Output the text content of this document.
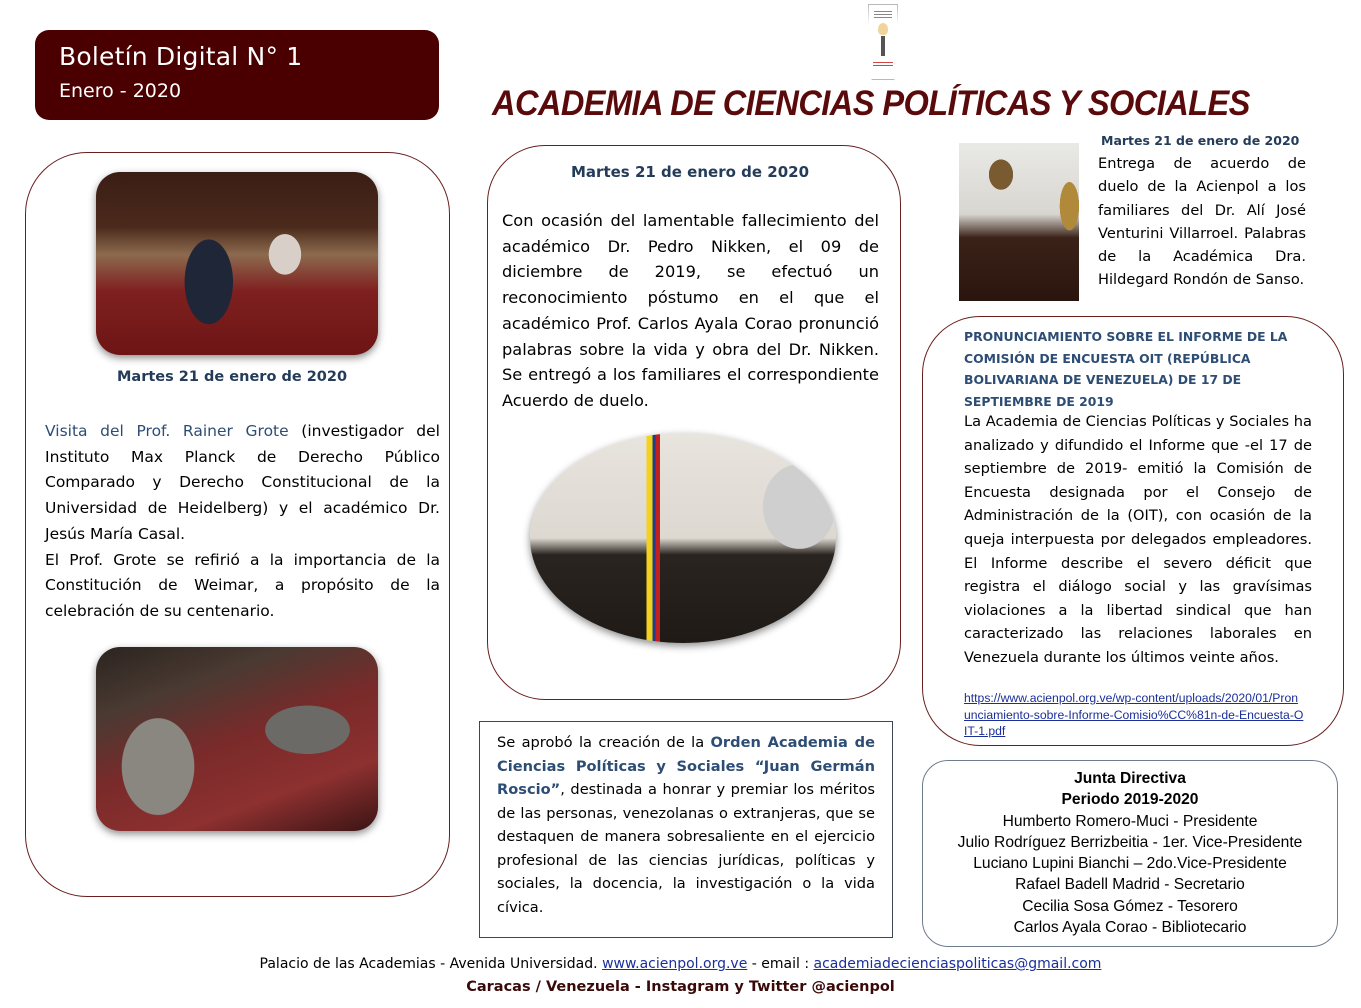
Boletín Digital N° 1
Enero - 2020	ACADEMIA DE CIENCIAS POLÍTICAS Y SOCIALES
Martes 21 de enero de 2020
Visita del Prof. Rainer Grote (investigador del Instituto Max Planck de Derecho Público Comparado y Derecho Constitucional de la Universidad de Heidelberg) y el académico Dr. Jesús María Casal.
El Prof. Grote se refirió a la importancia de la Constitución de Weimar, a propósito de la celebración de su centenario.
Martes 21 de enero de 2020
Con ocasión del lamentable fallecimiento del académico Dr. Pedro Nikken, el 09 de diciembre de 2019, se efectuó un reconocimiento póstumo en el que el académico Prof. Carlos Ayala Corao pronunció palabras sobre la vida y obra del Dr. Nikken. Se entregó a los familiares el correspondiente Acuerdo de duelo.
Se aprobó la creación de la Orden Academia de Ciencias Políticas y Sociales “Juan Germán Roscio”, destinada a honrar y premiar los méritos de las personas, venezolanas o extranjeras, que se destaquen de manera sobresaliente en el ejercicio profesional de las ciencias jurídicas, políticas y sociales, la docencia, la investigación o la vida cívica.
Martes 21 de enero de 2020
Entrega de acuerdo de duelo de la Acienpol a los familiares del Dr. Alí José Venturini Villarroel. Palabras de la Académica Dra. Hildegard Rondón de Sanso.
PRONUNCIAMIENTO SOBRE EL INFORME DE LA COMISIÓN DE ENCUESTA OIT (REPÚBLICA BOLIVARIANA DE VENEZUELA) DE 17 DE SEPTIEMBRE DE 2019
La Academia de Ciencias Políticas y Sociales ha analizado y difundido el Informe que -el 17 de septiembre de 2019- emitió la Comisión de Encuesta designada por el Consejo de Administración de la (OIT), con ocasión de la queja interpuesta por delegados empleadores. El Informe describe el severo déficit que registra el diálogo social y las gravísimas violaciones a la libertad sindical que han caracterizado las relaciones laborales en Venezuela durante los últimos veinte años.
https://www.acienpol.org.ve/wp-content/uploads/2020/01/Pronunciamiento-sobre-Informe-Comisio%CC%81n-de-Encuesta-OIT-1.pdf
Junta Directiva
Periodo 2019-2020
Humberto Romero-Muci - Presidente
Julio Rodríguez Berrizbeitia - 1er. Vice-Presidente
Luciano Lupini Bianchi – 2do.Vice-Presidente
Rafael Badell Madrid - Secretario
Cecilia Sosa Gómez - Tesorero
Carlos Ayala Corao - Bibliotecario
Palacio de las Academias - Avenida Universidad. www.acienpol.org.ve - email : academiadecienciaspoliticas@gmail.com
Caracas / Venezuela - Instagram y Twitter @acienpol
